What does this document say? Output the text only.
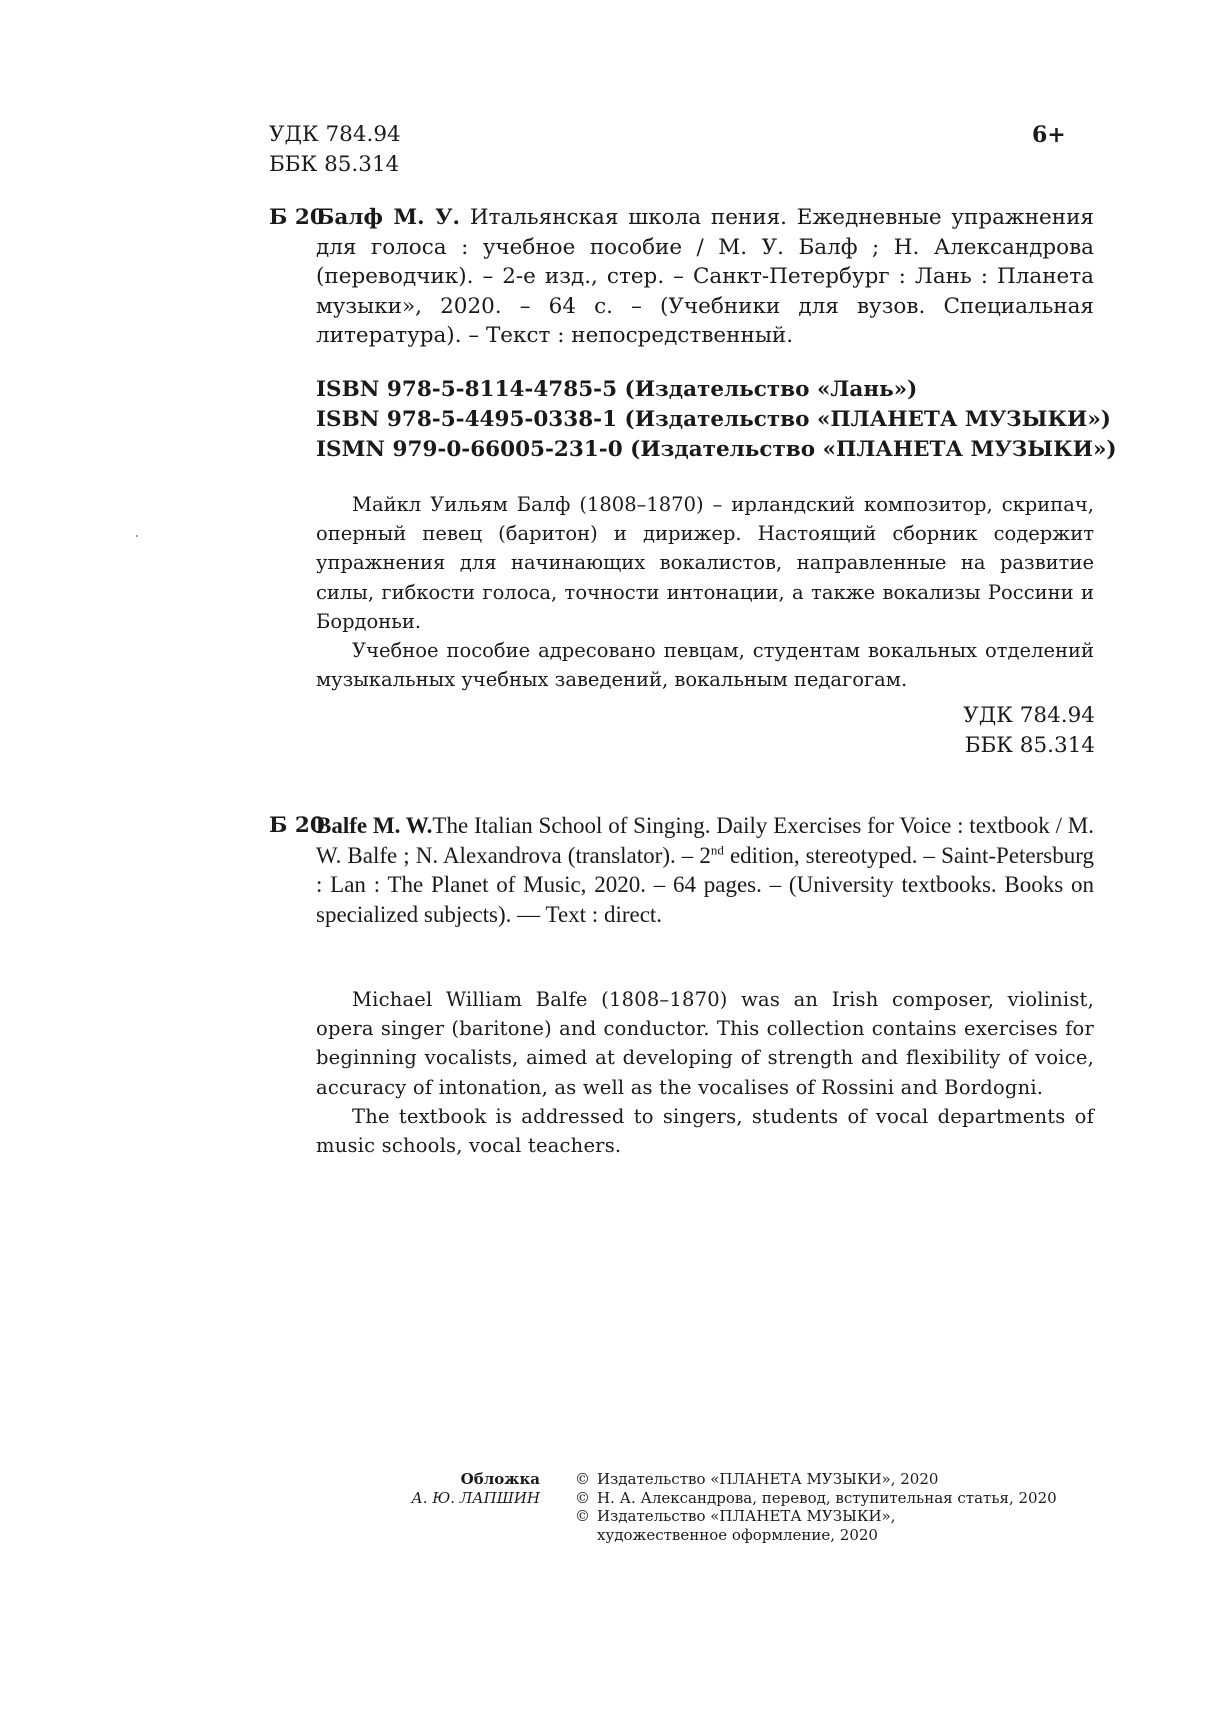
УДК 784.94
ББК 85.314
6+
Б 20
Балф М. У. Итальянская школа пения. Ежедневные упражнения для голоса : учебное пособие / М. У. Балф ; Н. Александрова (переводчик). – 2-е изд., стер. – Санкт-Петербург : Лань : Планета музыки», 2020. – 64 с. – (Учебники для вузов. Специальная литература). – Текст : непосредственный.
ISBN 978-5-8114-4785-5 (Издательство «Лань»)
ISBN 978-5-4495-0338-1 (Издательство «ПЛАНЕТА МУЗЫКИ»)
ISMN 979-0-66005-231-0 (Издательство «ПЛАНЕТА МУЗЫКИ»)

Майкл Уильям Балф (1808–1870) – ирландский композитор, скрипач, оперный певец (баритон) и дирижер. Настоящий сборник содержит упражнения для начинающих вокалистов, направленные на развитие силы, гибкости голоса, точности интонации, а также вокализы Россини и Бордоньи.

Учебное пособие адресовано певцам, студентам вокальных отделений музыкальных учебных заведений, вокальным педагогам.

УДК 784.94
ББК 85.314
Б 20
Balfe M. W.The Italian School of Singing. Daily Exercises for Voice : textbook / M. W. Balfe ; N. Alexandrova (translator). – 2nd edition, stereotyped. – Saint-Petersburg : Lan : The Planet of Music, 2020. – 64 pages. – (University textbooks. Books on specialized subjects). — Text : direct.

Michael William Balfe (1808–1870) was an Irish composer, violinist, opera singer (baritone) and conductor. This collection contains exercises for beginning vocalists, aimed at developing of strength and flexibility of voice, accuracy of intonation, as well as the vocalises of Rossini and Bordogni.

The textbook is addressed to singers, students of vocal departments of music schools, vocal teachers.

Обложка
А. Ю. ЛАПШИН
© Издательство «ПЛАНЕТА МУЗЫКИ», 2020
© Н. А. Александрова, перевод, вступительная статья, 2020
© Издательство «ПЛАНЕТА МУЗЫКИ»,
художественное оформление, 2020
